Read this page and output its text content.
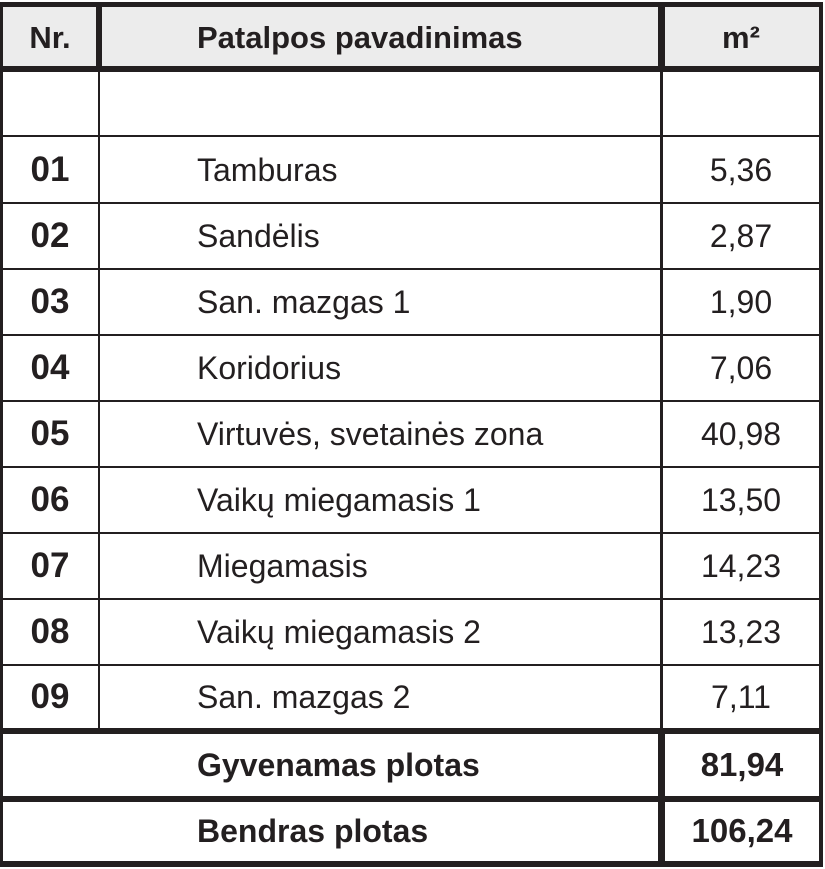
Nr.	Patalpos pavadinimas	m²
01	Tamburas	5,36
02	Sandėlis	2,87
03	San. mazgas 1	1,90
04	Koridorius	7,06
05	Virtuvės, svetainės zona	40,98
06	Vaikų miegamasis 1	13,50
07	Miegamasis	14,23
08	Vaikų miegamasis 2	13,23
09	San. mazgas 2	7,11
Gyvenamas plotas	81,94
Bendras plotas	106,24
